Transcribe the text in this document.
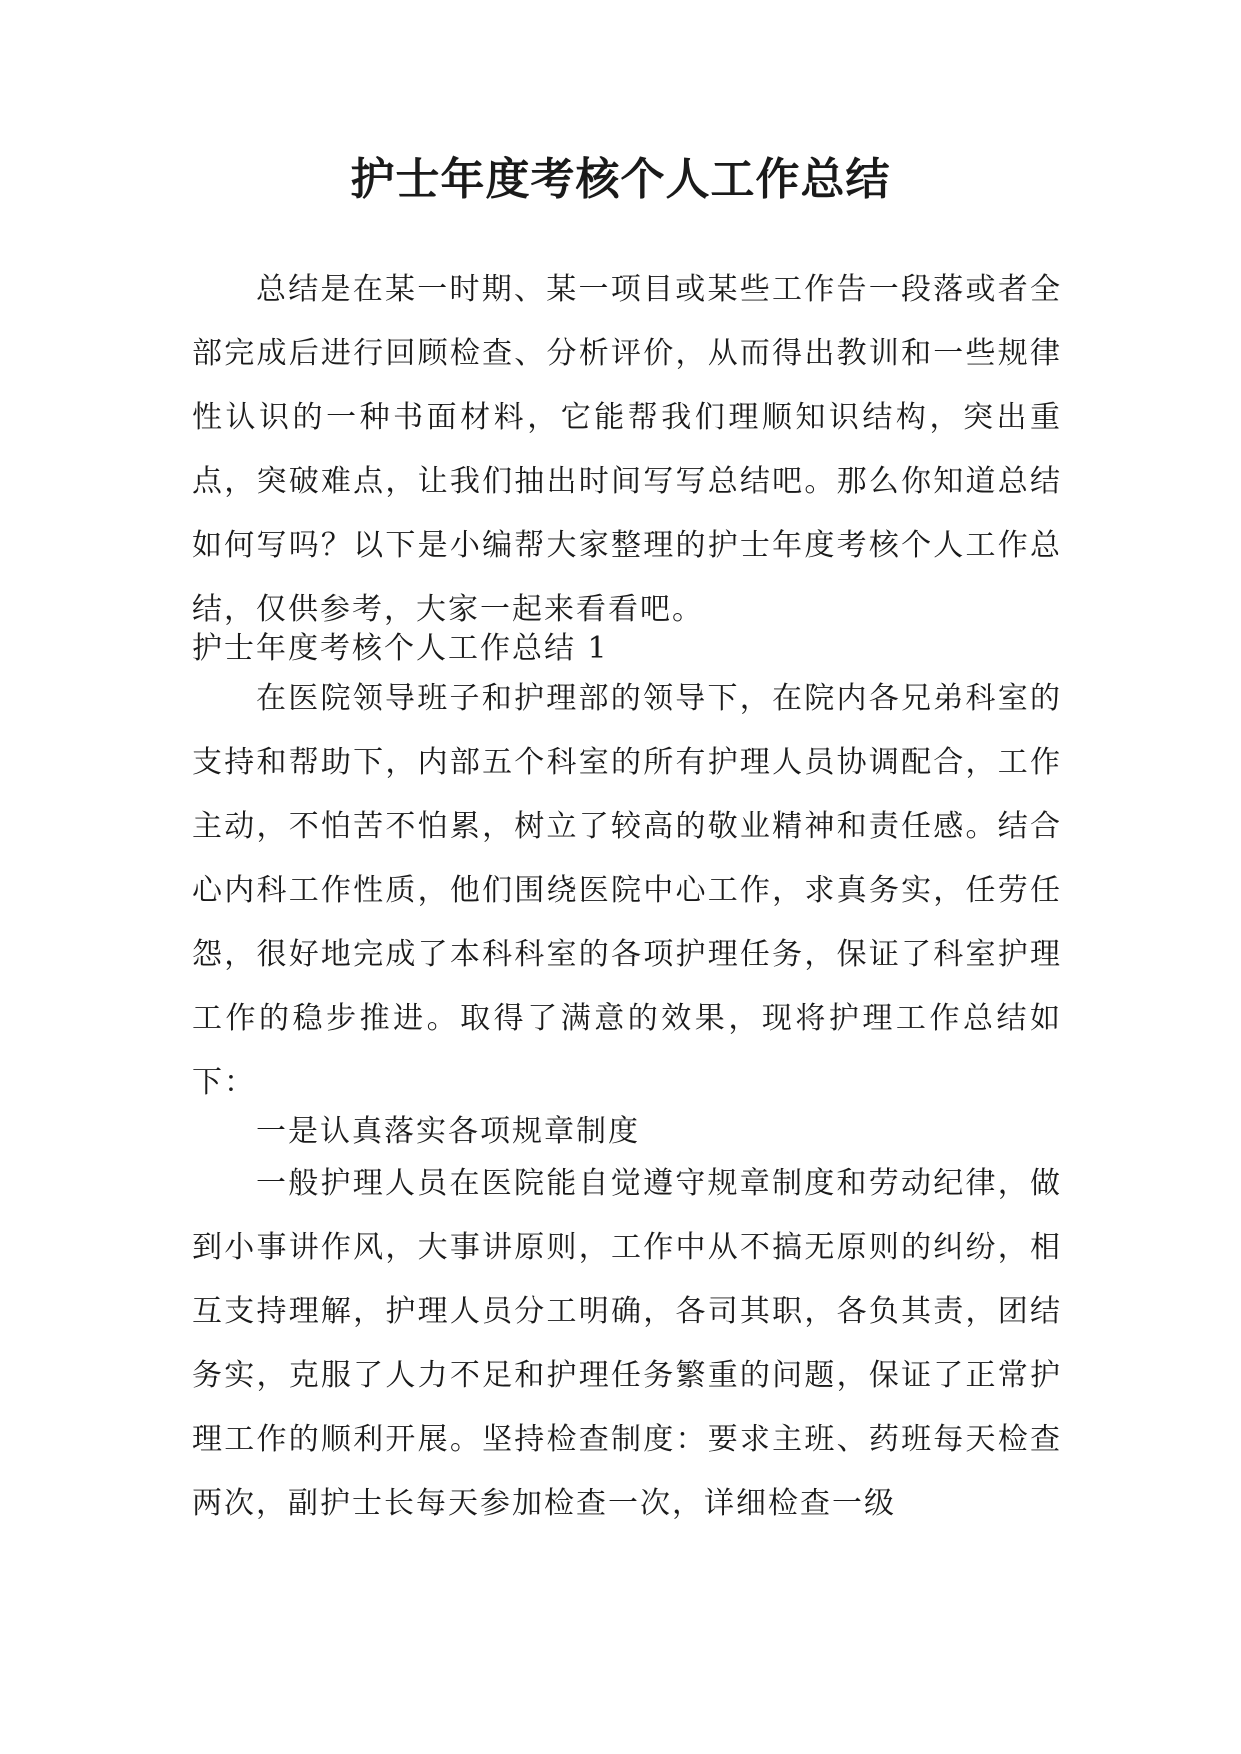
护士年度考核个人工作总结

总结是在某一时期、某一项目或某些工作告一段落或者全部完成后进行回顾检查、分析评价，从而得出教训和一些规律性认识的一种书面材料，它能帮我们理顺知识结构，突出重点，突破难点，让我们抽出时间写写总结吧。那么你知道总结如何写吗？以下是小编帮大家整理的护士年度考核个人工作总结，仅供参考，大家一起来看看吧。

护士年度考核个人工作总结 1

在医院领导班子和护理部的领导下，在院内各兄弟科室的支持和帮助下，内部五个科室的所有护理人员协调配合，工作主动，不怕苦不怕累，树立了较高的敬业精神和责任感。结合心内科工作性质，他们围绕医院中心工作，求真务实，任劳任怨，很好地完成了本科科室的各项护理任务，保证了科室护理工作的稳步推进。取得了满意的效果，现将护理工作总结如下：

一是认真落实各项规章制度

一般护理人员在医院能自觉遵守规章制度和劳动纪律，做到小事讲作风，大事讲原则，工作中从不搞无原则的纠纷，相互支持理解，护理人员分工明确，各司其职，各负其责，团结务实，克服了人力不足和护理任务繁重的问题，保证了正常护理工作的顺利开展。坚持检查制度：要求主班、药班每天检查两次，副护士长每天参加检查一次，详细检查一级
